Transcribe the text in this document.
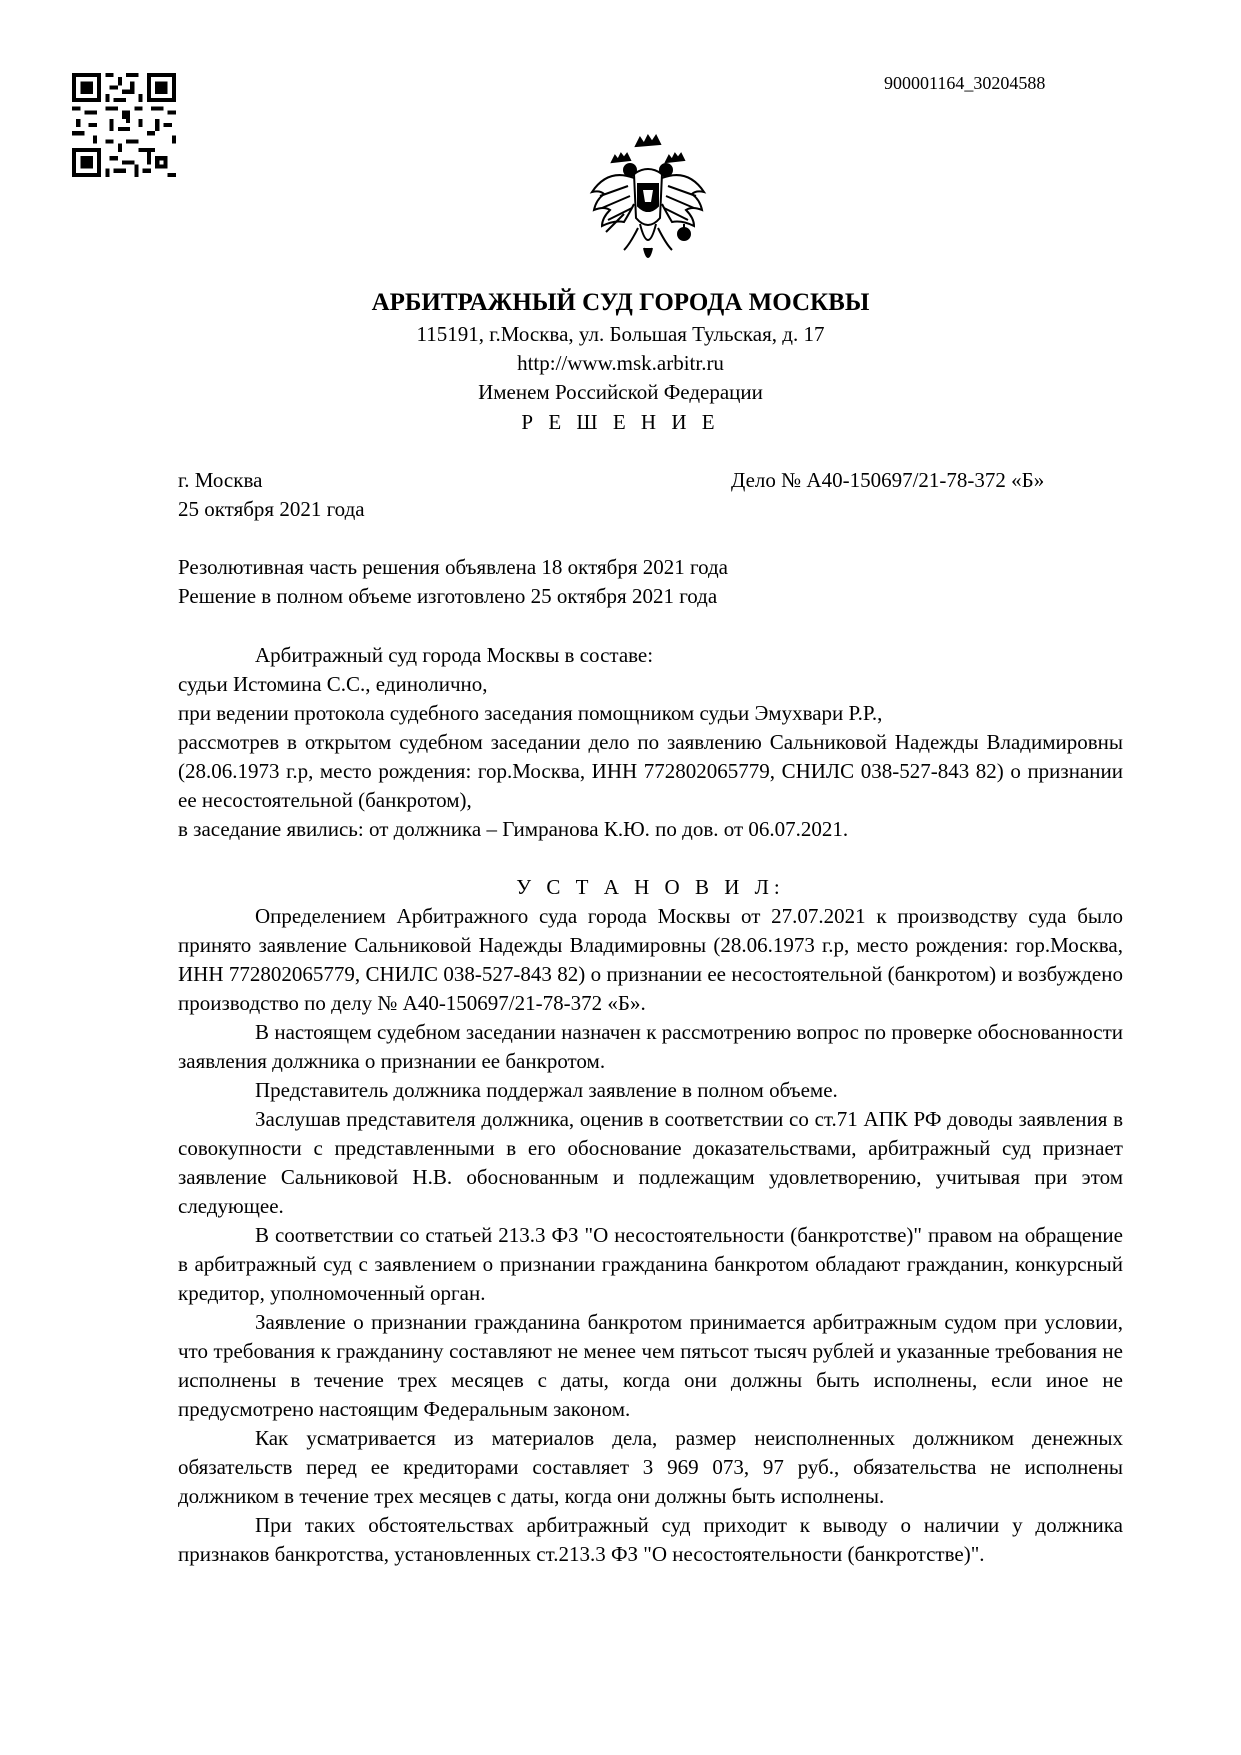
900001164_30204588
АРБИТРАЖНЫЙ СУД ГОРОДА МОСКВЫ
115191, г.Москва, ул. Большая Тульская, д. 17
http://www.msk.arbitr.ru
Именем Российской Федерации
Р Е Ш Е Н И Е
г. Москва	Дело № А40-150697/21-78-372 «Б»
25 октября 2021 года
Резолютивная часть решения объявлена 18 октября 2021 года
Решение в полном объеме изготовлено 25 октября 2021 года

Арбитражный суд города Москвы в составе:

судьи Истомина С.С., единолично,

при ведении протокола судебного заседания помощником судьи Эмухвари Р.Р.,

рассмотрев в открытом судебном заседании дело по заявлению Сальниковой Надежды Владимировны (28.06.1973 г.р, место рождения: гор.Москва, ИНН 772802065779, СНИЛС 038-527-843 82) о признании ее несостоятельной (банкротом),

в заседание явились: от должника – Гимранова К.Ю. по дов. от 06.07.2021.

У С Т А Н О В И Л:

Определением Арбитражного суда города Москвы от 27.07.2021 к производству суда было принято заявление Сальниковой Надежды Владимировны (28.06.1973 г.р, место рождения: гор.Москва, ИНН 772802065779, СНИЛС 038-527-843 82) о признании ее несостоятельной (банкротом) и возбуждено производство по делу № А40-150697/21-78-372 «Б».

В настоящем судебном заседании назначен к рассмотрению вопрос по проверке обоснованности заявления должника о признании ее банкротом.

Представитель должника поддержал заявление в полном объеме.

Заслушав представителя должника, оценив в соответствии со ст.71 АПК РФ доводы заявления в совокупности с представленными в его обоснование доказательствами, арбитражный суд признает заявление Сальниковой Н.В. обоснованным и подлежащим удовлетворению, учитывая при этом следующее.

В соответствии со статьей 213.3 ФЗ "О несостоятельности (банкротстве)" правом на обращение в арбитражный суд с заявлением о признании гражданина банкротом обладают гражданин, конкурсный кредитор, уполномоченный орган.

Заявление о признании гражданина банкротом принимается арбитражным судом при условии, что требования к гражданину составляют не менее чем пятьсот тысяч рублей и указанные требования не исполнены в течение трех месяцев с даты, когда они должны быть исполнены, если иное не предусмотрено настоящим Федеральным законом.

Как усматривается из материалов дела, размер неисполненных должником денежных обязательств перед ее кредиторами составляет 3 969 073, 97 руб., обязательства не исполнены должником в течение трех месяцев с даты, когда они должны быть исполнены.

При таких обстоятельствах арбитражный суд приходит к выводу о наличии у должника признаков банкротства, установленных ст.213.3 ФЗ "О несостоятельности (банкротстве)".
